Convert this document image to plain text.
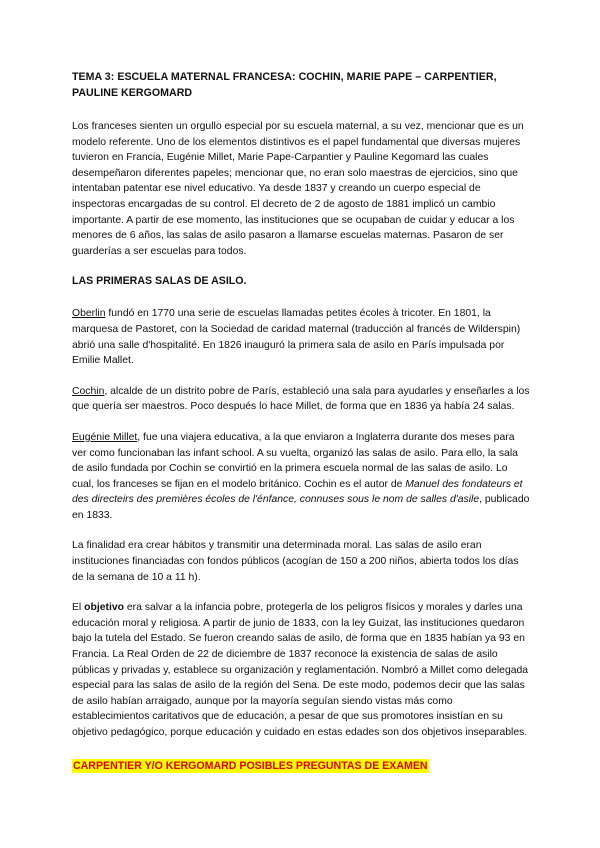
TEMA 3: ESCUELA MATERNAL FRANCESA: COCHIN, MARIE PAPE – CARPENTIER, PAULINE KERGOMARD

Los franceses sienten un orgullo especial por su escuela maternal, a su vez, mencionar que es un modelo referente. Uno de los elementos distintivos es el papel fundamental que diversas mujeres tuvieron en Francia, Eugénie Millet, Marie Pape-Carpantier y Pauline Kegomard las cuales desempeñaron diferentes papeles; mencionar que, no eran solo maestras de ejercicios, sino que intentaban patentar ese nivel educativo. Ya desde 1837 y creando un cuerpo especial de inspectoras encargadas de su control. El decreto de 2 de agosto de 1881 implicó un cambio importante. A partir de ese momento, las instituciones que se ocupaban de cuidar y educar a los menores de 6 años, las salas de asilo pasaron a llamarse escuelas maternas. Pasaron de ser guarderías a ser escuelas para todos.

LAS PRIMERAS SALAS DE ASILO.

Oberlin fundó en 1770 una serie de escuelas llamadas petites écoles à tricoter. En 1801, la marquesa de Pastoret, con la Sociedad de caridad maternal (traducción al francés de Wilderspin) abrió una salle d'hospitalité. En 1826 inauguró la primera sala de asilo en París impulsada por Emilie Mallet.

Cochin, alcalde de un distrito pobre de París, estableció una sala para ayudarles y enseñarles a los que quería ser maestros. Poco después lo hace Millet, de forma que en 1836 ya había 24 salas.

Eugénie Millet, fue una viajera educativa, a la que enviaron a Inglaterra durante dos meses para ver como funcionaban las infant school. A su vuelta, organizó las salas de asilo. Para ello, la sala de asilo fundada por Cochin se convirtió en la primera escuela normal de las salas de asilo. Lo cual, los franceses se fijan en el modelo británico. Cochin es el autor de Manuel des fondateurs et des directeirs des premières écoles de l'énfance, connuses sous le nom de salles d'asile, publicado en 1833.

La finalidad era crear hábitos y transmitir una determinada moral. Las salas de asilo eran instituciones financiadas con fondos públicos (acogían de 150 a 200 niños, abierta todos los días de la semana de 10 a 11 h).

El objetivo era salvar a la infancia pobre, protegerla de los peligros físicos y morales y darles una educación moral y religiosa. A partir de junio de 1833, con la ley Guizat, las instituciones quedaron bajo la tutela del Estado. Se fueron creando salas de asilo, de forma que en 1835 habían ya 93 en Francia. La Real Orden de 22 de diciembre de 1837 reconoce la existencia de salas de asilo públicas y privadas y, establece su organización y reglamentación. Nombró a Millet como delegada especial para las salas de asilo de la región del Sena. De este modo, podemos decir que las salas de asilo habían arraigado, aunque por la mayoría seguían siendo vistas más como establecimientos caritativos que de educación, a pesar de que sus promotores insistían en su objetivo pedagógico, porque educación y cuidado en estas edades son dos objetivos inseparables.

CARPENTIER Y/O KERGOMARD POSIBLES PREGUNTAS DE EXAMEN
